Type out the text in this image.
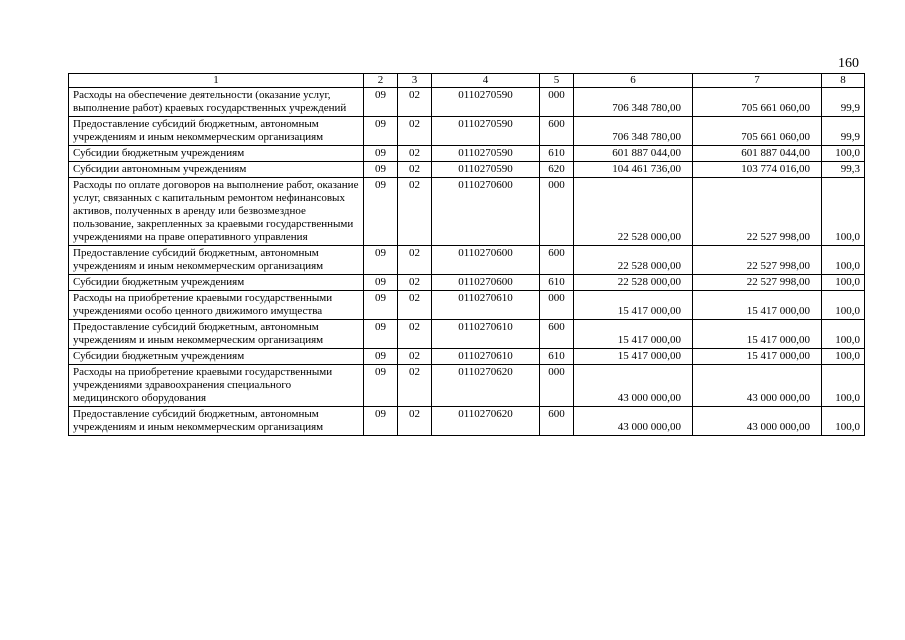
160
1	2	3	4	5	6	7	8
Расходы на обеспечение деятельности (оказание услуг, выполнение работ) краевых государственных учреждений	09	02	0110270590	000	706 348 780,00	705 661 060,00	99,9
Предоставление субсидий бюджетным, автономным учреждениям и иным некоммерческим организациям	09	02	0110270590	600	706 348 780,00	705 661 060,00	99,9
Субсидии бюджетным учреждениям	09	02	0110270590	610	601 887 044,00	601 887 044,00	100,0
Субсидии автономным учреждениям	09	02	0110270590	620	104 461 736,00	103 774 016,00	99,3
Расходы по оплате договоров на выполнение работ, оказание услуг, связанных с капитальным ремонтом нефинансовых активов, полученных в аренду или безвозмездное пользование, закрепленных за краевыми государственными учреждениями на праве оперативного управления	09	02	0110270600	000	22 528 000,00	22 527 998,00	100,0
Предоставление субсидий бюджетным, автономным учреждениям и иным некоммерческим организациям	09	02	0110270600	600	22 528 000,00	22 527 998,00	100,0
Субсидии бюджетным учреждениям	09	02	0110270600	610	22 528 000,00	22 527 998,00	100,0
Расходы на приобретение краевыми государственными учреждениями особо ценного движимого имущества	09	02	0110270610	000	15 417 000,00	15 417 000,00	100,0
Предоставление субсидий бюджетным, автономным учреждениям и иным некоммерческим организациям	09	02	0110270610	600	15 417 000,00	15 417 000,00	100,0
Субсидии бюджетным учреждениям	09	02	0110270610	610	15 417 000,00	15 417 000,00	100,0
Расходы на приобретение краевыми государственными учреждениями здравоохранения специального медицинского оборудования	09	02	0110270620	000	43 000 000,00	43 000 000,00	100,0
Предоставление субсидий бюджетным, автономным учреждениям и иным некоммерческим организациям	09	02	0110270620	600	43 000 000,00	43 000 000,00	100,0
